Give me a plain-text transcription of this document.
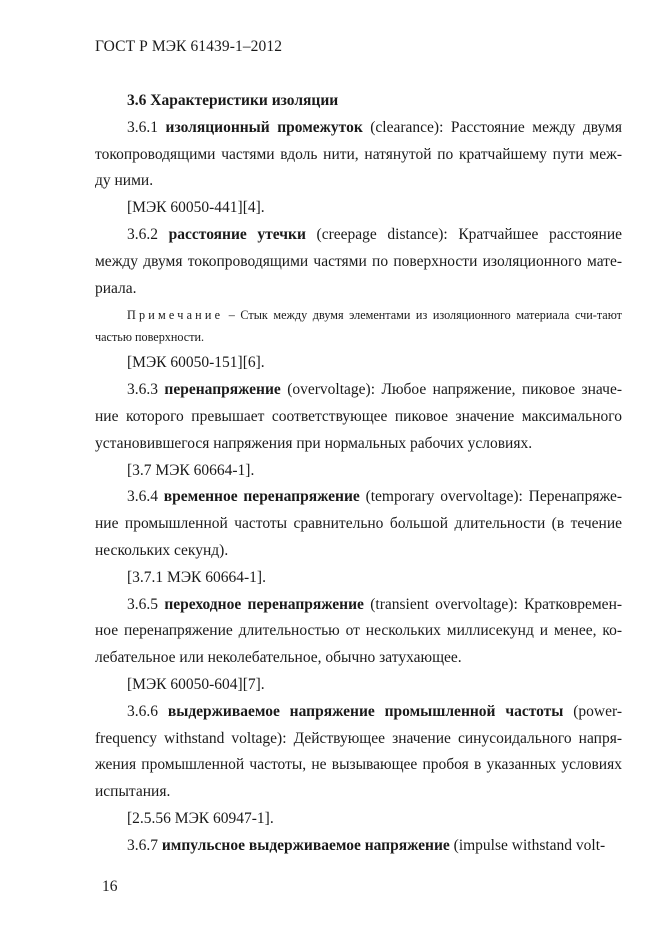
ГОСТ Р МЭК 61439-1–2012

3.6 Характеристики изоляции

3.6.1 изоляционный промежуток (clearance): Расстояние между двумя токопроводящими частями вдоль нити, натянутой по кратчайшему пути меж-ду ними.

[МЭК 60050-441][4].

3.6.2 расстояние утечки (creepage distance): Кратчайшее расстояние между двумя токопроводящими частями по поверхности изоляционного мате-риала.

Примечание – Стык между двумя элементами из изоляционного материала счи-тают частью поверхности.

[МЭК 60050-151][6].

3.6.3 перенапряжение (overvoltage): Любое напряжение, пиковое значе-ние которого превышает соответствующее пиковое значение максимального установившегося напряжения при нормальных рабочих условиях.

[3.7 МЭК 60664-1].

3.6.4 временное перенапряжение (temporary overvoltage): Перенапряже-ние промышленной частоты сравнительно большой длительности (в течение нескольких секунд).

[3.7.1 МЭК 60664-1].

3.6.5 переходное перенапряжение (transient overvoltage): Кратковремен-ное перенапряжение длительностью от нескольких миллисекунд и менее, ко-лебательное или неколебательное, обычно затухающее.

[МЭК 60050-604][7].

3.6.6 выдерживаемое напряжение промышленной частоты (power-frequency withstand voltage): Действующее значение синусоидального напря-жения промышленной частоты, не вызывающее пробоя в указанных условиях испытания.

[2.5.56 МЭК 60947-1].

3.6.7 импульсное выдерживаемое напряжение (impulse withstand volt-

16
